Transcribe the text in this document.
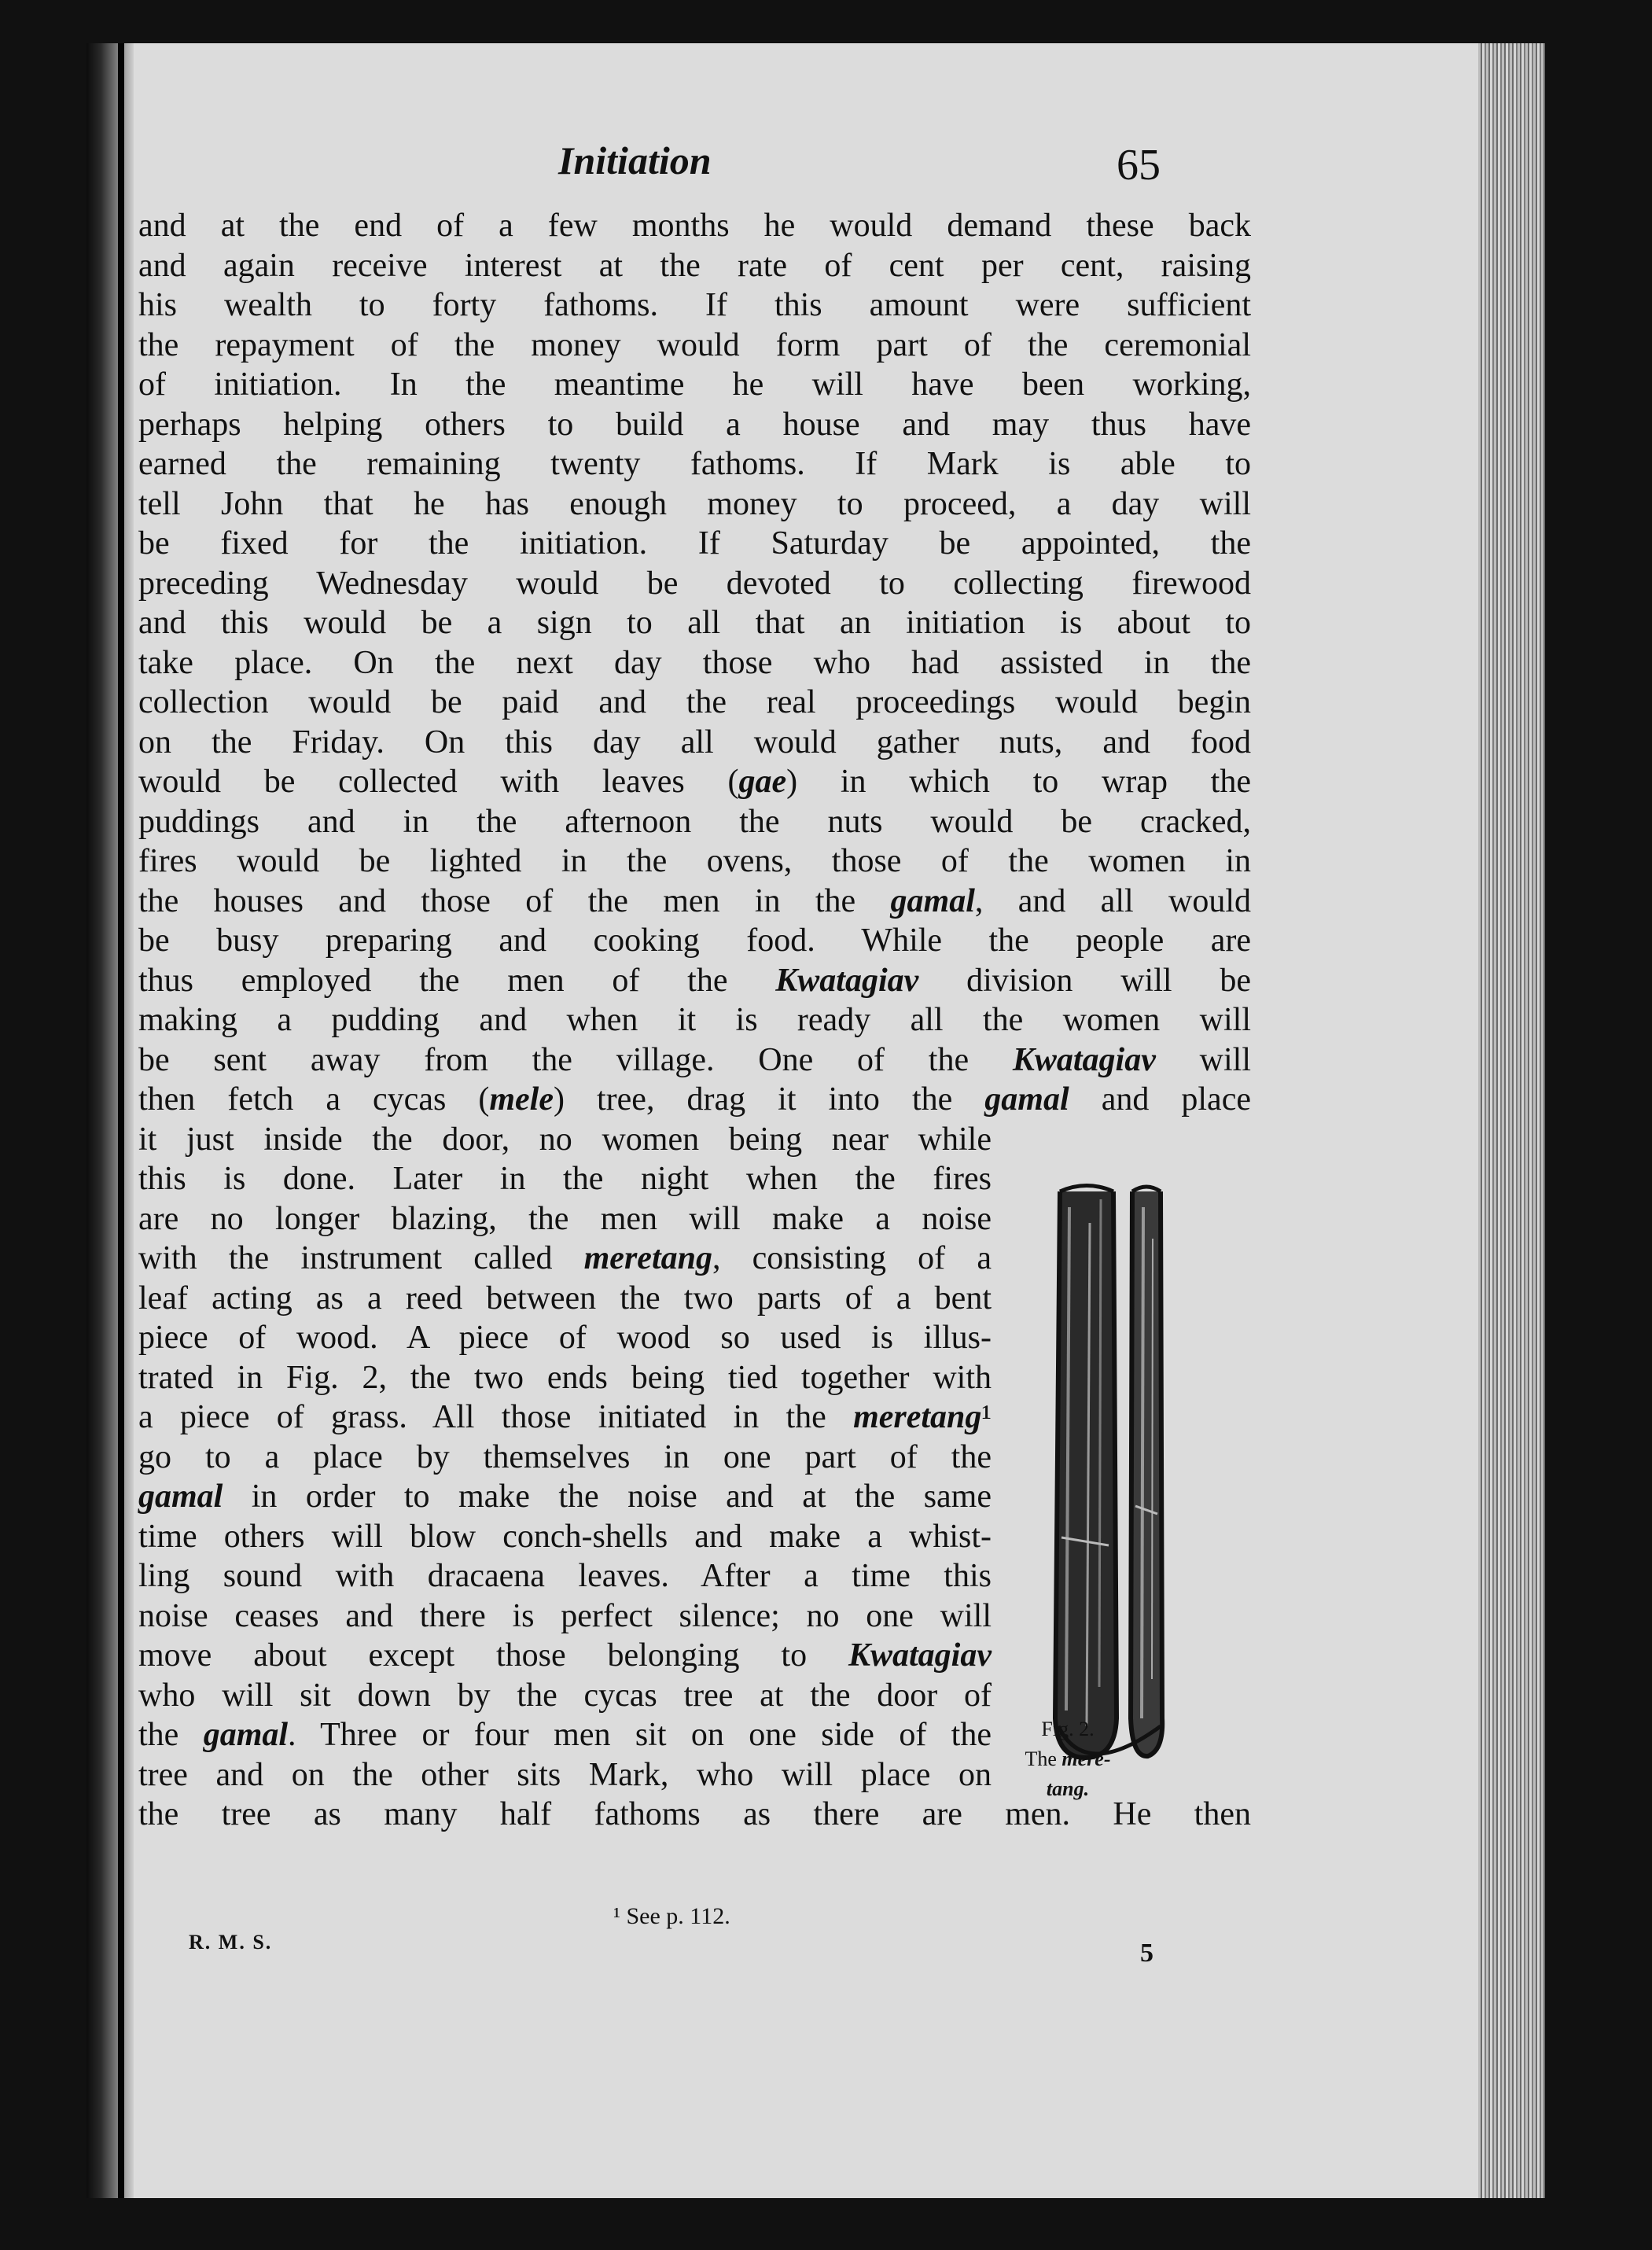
Initiation	65
and at the end of a few months he would demand these back
and again receive interest at the rate of cent per cent, raising
his wealth to forty fathoms. If this amount were sufficient
the repayment of the money would form part of the ceremonial
of initiation. In the meantime he will have been working,
perhaps helping others to build a house and may thus have
earned the remaining twenty fathoms. If Mark is able to
tell John that he has enough money to proceed, a day will
be fixed for the initiation. If Saturday be appointed, the
preceding Wednesday would be devoted to collecting firewood
and this would be a sign to all that an initiation is about to
take place. On the next day those who had assisted in the
collection would be paid and the real proceedings would begin
on the Friday. On this day all would gather nuts, and food
would be collected with leaves (gae) in which to wrap the
puddings and in the afternoon the nuts would be cracked,
fires would be lighted in the ovens, those of the women in
the houses and those of the men in the gamal, and all would
be busy preparing and cooking food. While the people are
thus employed the men of the Kwatagiav division will be
making a pudding and when it is ready all the women will
be sent away from the village. One of the Kwatagiav will
then fetch a cycas (mele) tree, drag it into the gamal and place
it just inside the door, no women being near while
this is done. Later in the night when the fires
are no longer blazing, the men will make a noise
with the instrument called meretang, consisting of a
leaf acting as a reed between the two parts of a bent
piece of wood. A piece of wood so used is illus-
trated in Fig. 2, the two ends being tied together with
a piece of grass. All those initiated in the meretang¹
go to a place by themselves in one part of the
gamal in order to make the noise and at the same
time others will blow conch-shells and make a whist-
ling sound with dracaena leaves. After a time this
noise ceases and there is perfect silence; no one will
move about except those belonging to Kwatagiav
who will sit down by the cycas tree at the door of
the gamal. Three or four men sit on one side of the
tree and on the other sits Mark, who will place on
the tree as many half fathoms as there are men. He then
Fig. 2.
The mere-
tang.
¹ See p. 112.
R. M. S.	5
